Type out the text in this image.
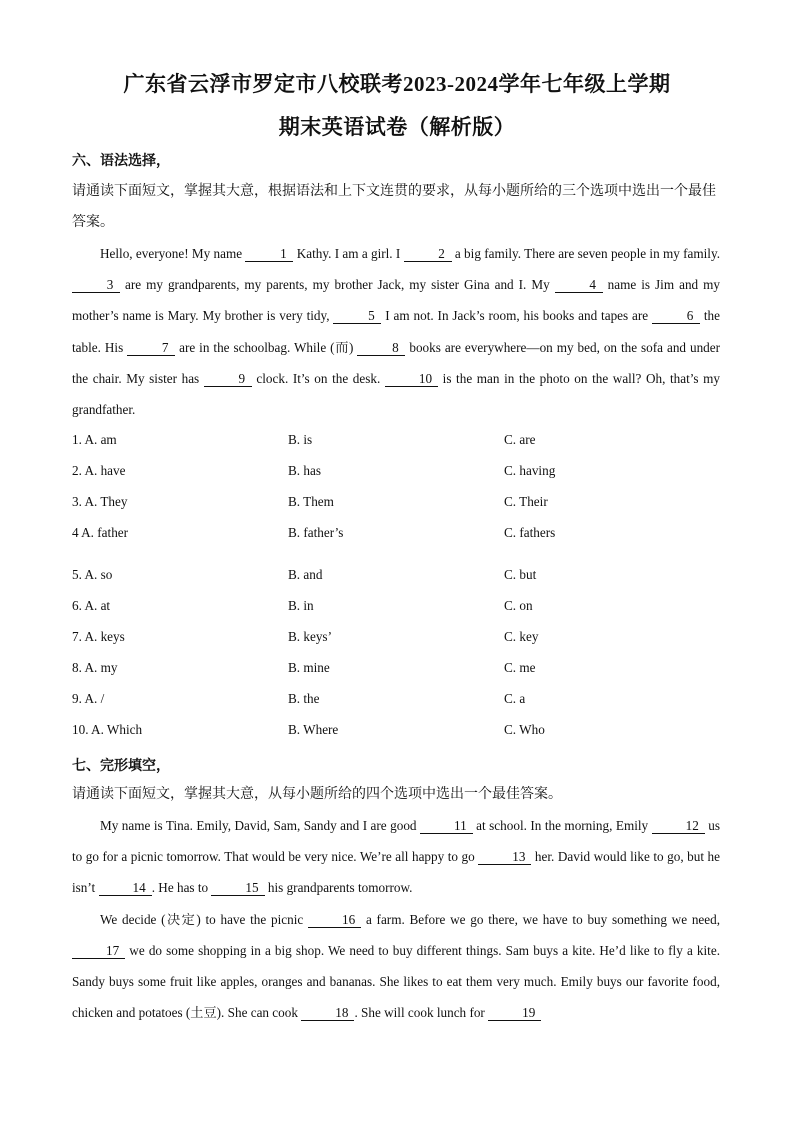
广东省云浮市罗定市八校联考2023-2024学年七年级上学期
期末英语试卷（解析版）
六、语法选择，
请通读下面短文，掌握其大意，根据语法和上下文连贯的要求，从每小题所给的三个选项中选出一个最佳答案。

Hello, everyone! My name	1 Kathy. I am a girl. I	2 a big family. There are seven people in my family. 3 are my grandparents, my parents, my brother Jack, my sister Gina and I. My	4 name is Jim and my mother’s name is Mary. My brother is very tidy,	5 I am not. In Jack’s room, his books and tapes are	6 the table. His	7 are in the schoolbag. While (而)	8 books are everywhere—on my bed, on the sofa and under the chair. My sister has	9 clock. It’s on the desk.	10 is the man in the photo on the wall? Oh, that’s my grandfather.

1. A. am	B. is	C. are
2. A. have	B. has	C. having
3. A. They	B. Them	C. Their
4 A. father	B. father’s	C. fathers
5. A. so	B. and	C. but
6. A. at	B. in	C. on
7. A. keys	B. keys’	C. key
8. A. my	B. mine	C. me
9. A. /	B. the	C. a
10. A. Which	B. Where	C. Who
七、完形填空，
请通读下面短文，掌握其大意，从每小题所给的四个选项中选出一个最佳答案。

My name is Tina. Emily, David, Sam, Sandy and I are good	11 at school. In the morning, Emily	12 us to go for a picnic tomorrow. That would be very nice. We’re all happy to go	13 her. David would like to go, but he isn’t	14 . He has to	15 his grandparents tomorrow.

We decide (决定) to have the picnic	16 a farm. Before we go there, we have to buy something we need, 17 we do some shopping in a big shop. We need to buy different things. Sam buys a kite. He’d like to fly a kite. Sandy buys some fruit like apples, oranges and bananas. She likes to eat them very much. Emily buys our favorite food, chicken and potatoes (土豆). She can cook	18 . She will cook lunch for	19
